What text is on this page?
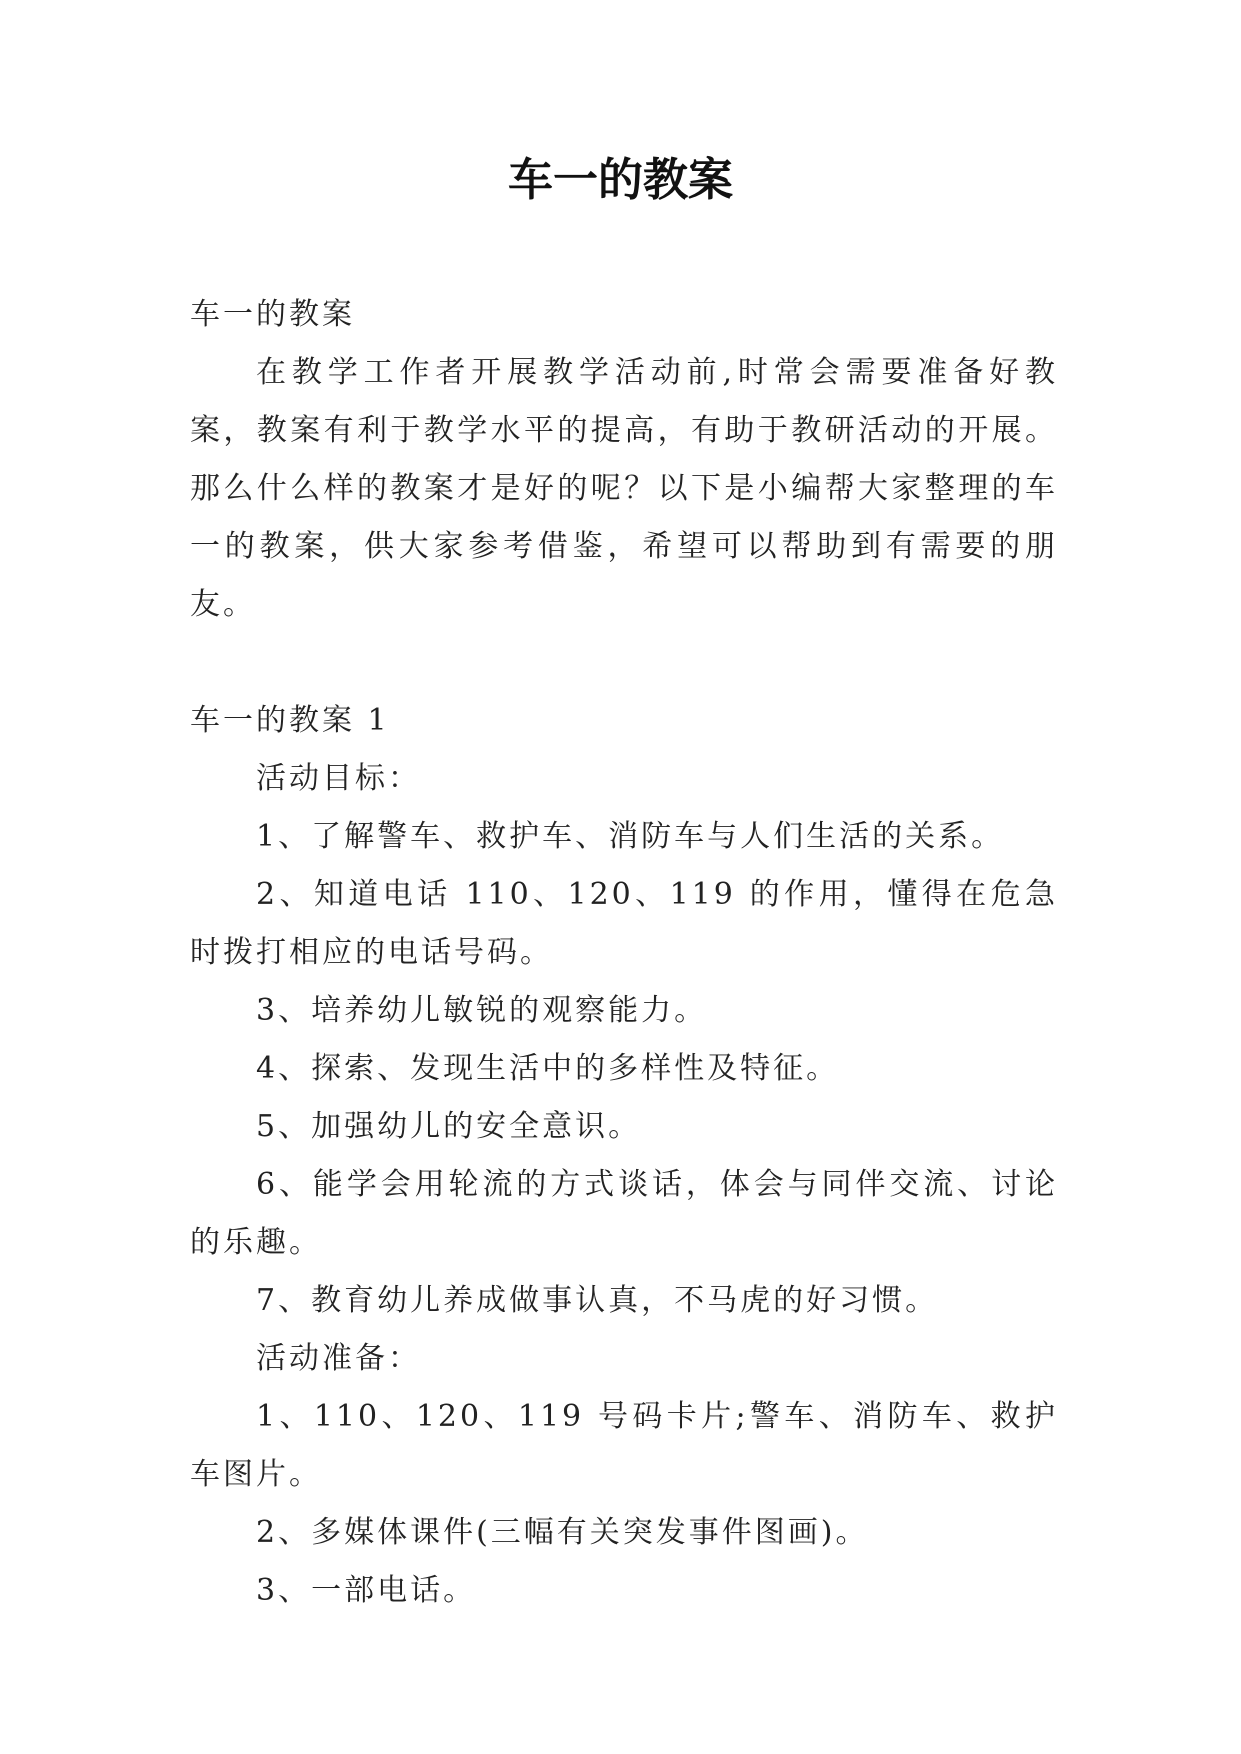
车一的教案

车一的教案

在教学工作者开展教学活动前,时常会需要准备好教案，教案有利于教学水平的提高，有助于教研活动的开展。那么什么样的教案才是好的呢？以下是小编帮大家整理的车一的教案，供大家参考借鉴，希望可以帮助到有需要的朋友。

车一的教案 1

活动目标：

1、了解警车、救护车、消防车与人们生活的关系。

2、知道电话 110、120、119 的作用，懂得在危急时拨打相应的电话号码。

3、培养幼儿敏锐的观察能力。

4、探索、发现生活中的多样性及特征。

5、加强幼儿的安全意识。

6、能学会用轮流的方式谈话，体会与同伴交流、讨论的乐趣。

7、教育幼儿养成做事认真，不马虎的好习惯。

活动准备：

1、110、120、119 号码卡片;警车、消防车、救护车图片。

2、多媒体课件(三幅有关突发事件图画)。

3、一部电话。
